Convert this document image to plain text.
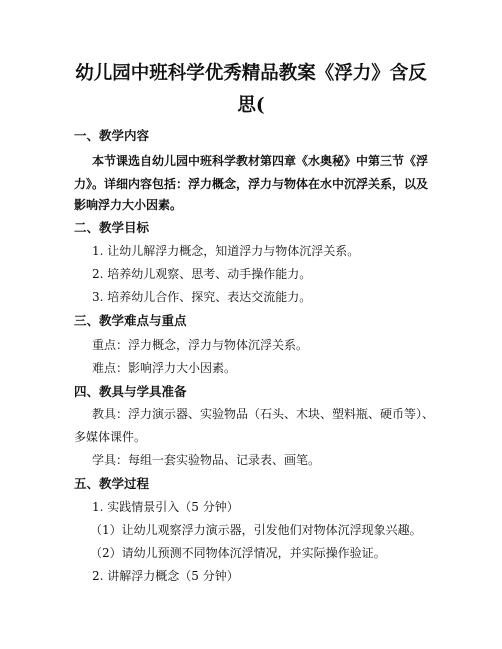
幼儿园中班科学优秀精品教案《浮力》含反
思(
一、教学内容
本节课选自幼儿园中班科学教材第四章《水奥秘》中第三节《浮
力》。详细内容包括：浮力概念，浮力与物体在水中沉浮关系，以及
影响浮力大小因素。
二、教学目标
1. 让幼儿解浮力概念，知道浮力与物体沉浮关系。
2. 培养幼儿观察、思考、动手操作能力。
3. 培养幼儿合作、探究、表达交流能力。
三、教学难点与重点
重点：浮力概念，浮力与物体沉浮关系。
难点：影响浮力大小因素。
四、教具与学具准备
教具：浮力演示器、实验物品（石头、木块、塑料瓶、硬币等）、
多媒体课件。
学具：每组一套实验物品、记录表、画笔。
五、教学过程
1. 实践情景引入（5 分钟）
（1）让幼儿观察浮力演示器，引发他们对物体沉浮现象兴趣。
（2）请幼儿预测不同物体沉浮情况，并实际操作验证。
2. 讲解浮力概念（5 分钟）
